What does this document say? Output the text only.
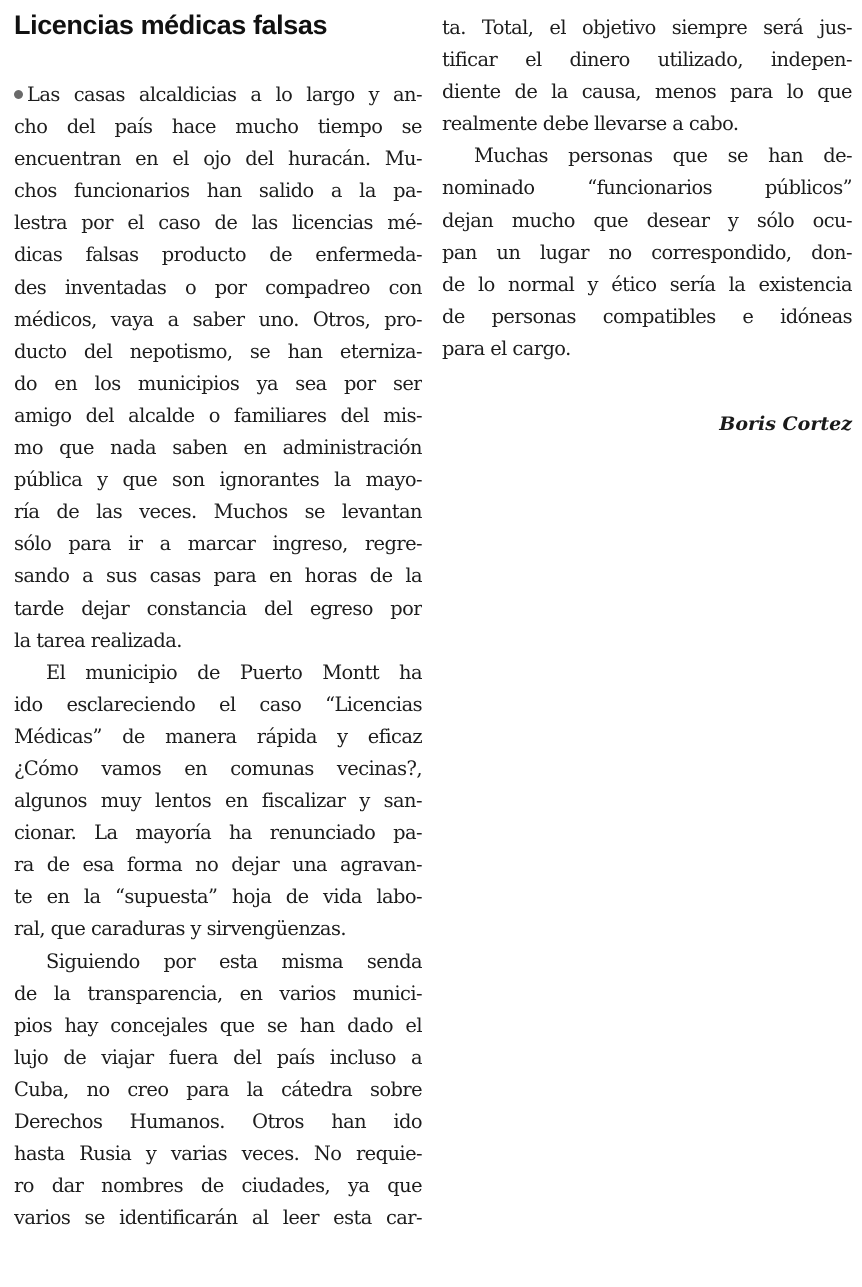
Licencias médicas falsas
Las casas alcaldicias a lo largo y an-
cho del país hace mucho tiempo se
encuentran en el ojo del huracán. Mu-
chos funcionarios han salido a la pa-
lestra por el caso de las licencias mé-
dicas falsas producto de enfermeda-
des inventadas o por compadreo con
médicos, vaya a saber uno. Otros, pro-
ducto del nepotismo, se han eterniza-
do en los municipios ya sea por ser
amigo del alcalde o familiares del mis-
mo que nada saben en administración
pública y que son ignorantes la mayo-
ría de las veces. Muchos se levantan
sólo para ir a marcar ingreso, regre-
sando a sus casas para en horas de la
tarde dejar constancia del egreso por
la tarea realizada.
El municipio de Puerto Montt ha
ido esclareciendo el caso “Licencias
Médicas” de manera rápida y eficaz
¿Cómo vamos en comunas vecinas?,
algunos muy lentos en fiscalizar y san-
cionar. La mayoría ha renunciado pa-
ra de esa forma no dejar una agravan-
te en la “supuesta” hoja de vida labo-
ral, que caraduras y sirvengüenzas.
Siguiendo por esta misma senda
de la transparencia, en varios munici-
pios hay concejales que se han dado el
lujo de viajar fuera del país incluso a
Cuba, no creo para la cátedra sobre
Derechos Humanos. Otros han ido
hasta Rusia y varias veces. No requie-
ro dar nombres de ciudades, ya que
varios se identificarán al leer esta car-
ta. Total, el objetivo siempre será jus-
tificar el dinero utilizado, indepen-
diente de la causa, menos para lo que
realmente debe llevarse a cabo.
Muchas personas que se han de-
nominado “funcionarios públicos”
dejan mucho que desear y sólo ocu-
pan un lugar no correspondido, don-
de lo normal y ético sería la existencia
de personas compatibles e idóneas
para el cargo.
Boris Cortez
